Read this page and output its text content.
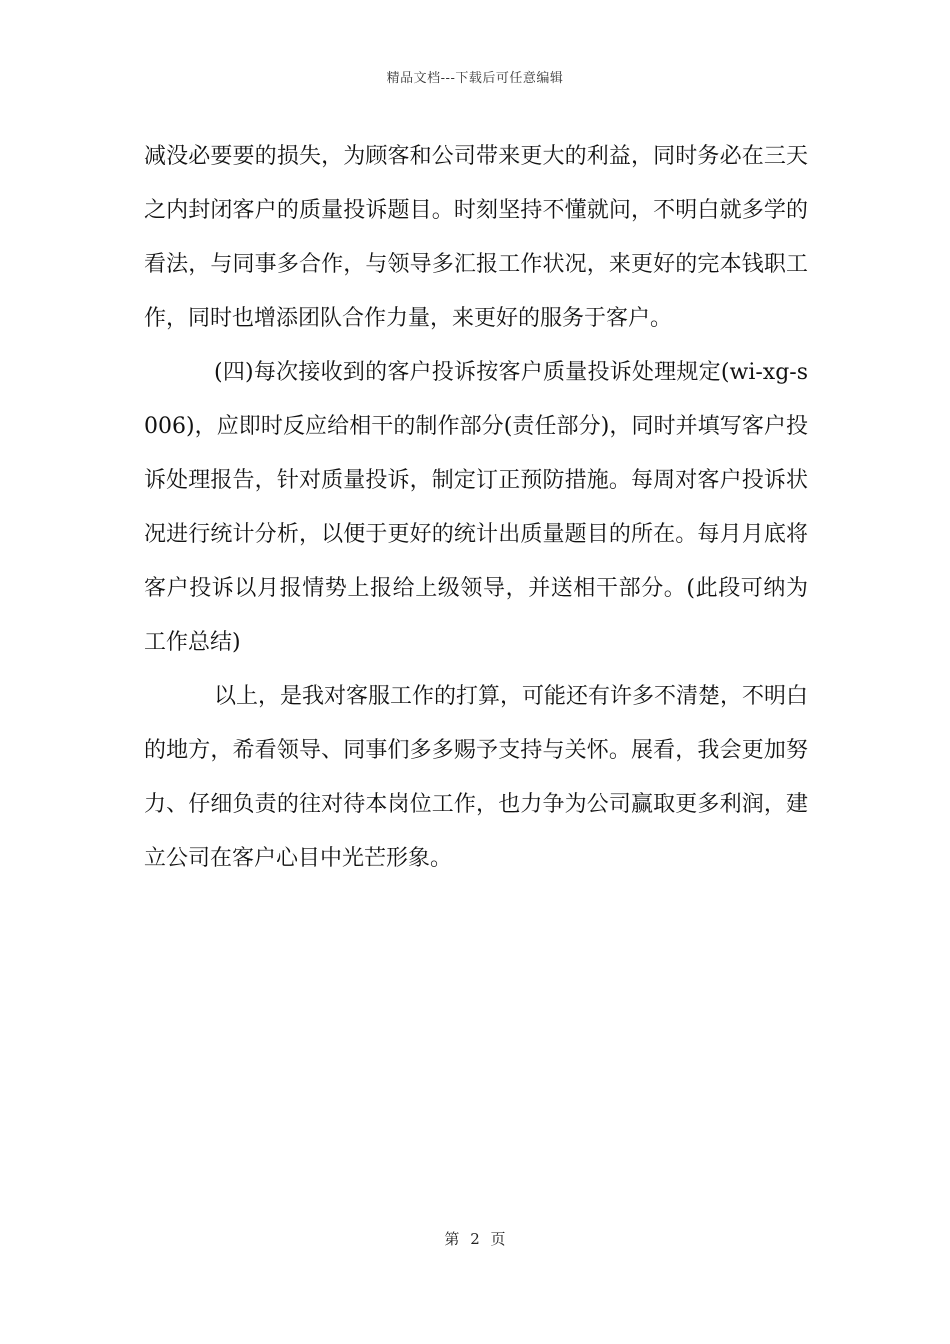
精品文档---下载后可任意编辑

减没必要要的损失，为顾客和公司带来更大的利益，同时务必在三天之内封闭客户的质量投诉题目。时刻坚持不懂就问，不明白就多学的看法，与同事多合作，与领导多汇报工作状况，来更好的完本钱职工作，同时也增添团队合作力量，来更好的服务于客户。

(四)每次接收到的客户投诉按客户质量投诉处理规定(wi-xg-s006)，应即时反应给相干的制作部分(责任部分)，同时并填写客户投诉处理报告，针对质量投诉，制定订正预防措施。每周对客户投诉状况进行统计分析，以便于更好的统计出质量题目的所在。每月月底将客户投诉以月报情势上报给上级领导，并送相干部分。(此段可纳为工作总结)

以上，是我对客服工作的打算，可能还有许多不清楚，不明白的地方，希看领导、同事们多多赐予支持与关怀。展看，我会更加努力、仔细负责的往对待本岗位工作，也力争为公司赢取更多利润，建立公司在客户心目中光芒形象。

第 2 页
